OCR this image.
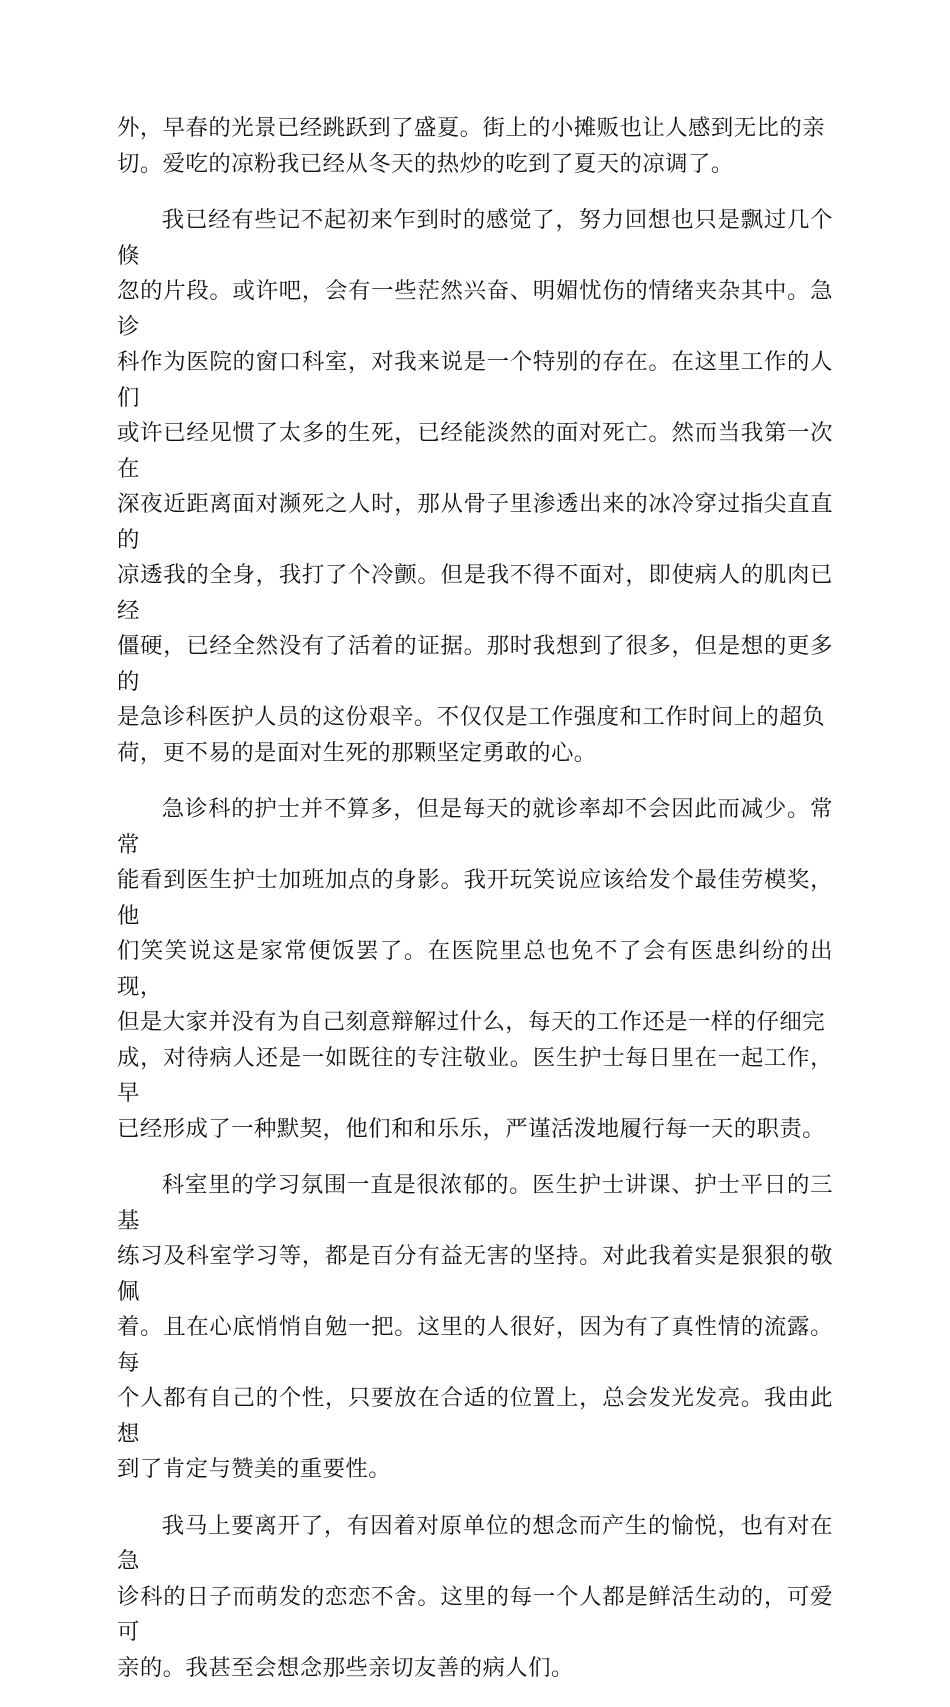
外，早春的光景已经跳跃到了盛夏。街上的小摊贩也让人感到无比的亲
切。爱吃的凉粉我已经从冬天的热炒的吃到了夏天的凉调了。

我已经有些记不起初来乍到时的感觉了，努力回想也只是飘过几个倏
忽的片段。或许吧，会有一些茫然兴奋、明媚忧伤的情绪夹杂其中。急诊
科作为医院的窗口科室，对我来说是一个特别的存在。在这里工作的人们
或许已经见惯了太多的生死，已经能淡然的面对死亡。然而当我第一次在
深夜近距离面对濒死之人时，那从骨子里渗透出来的冰冷穿过指尖直直的
凉透我的全身，我打了个冷颤。但是我不得不面对，即使病人的肌肉已经
僵硬，已经全然没有了活着的证据。那时我想到了很多，但是想的更多的
是急诊科医护人员的这份艰辛。不仅仅是工作强度和工作时间上的超负
荷，更不易的是面对生死的那颗坚定勇敢的心。

急诊科的护士并不算多，但是每天的就诊率却不会因此而减少。常常
能看到医生护士加班加点的身影。我开玩笑说应该给发个最佳劳模奖，他
们笑笑说这是家常便饭罢了。在医院里总也免不了会有医患纠纷的出现，
但是大家并没有为自己刻意辩解过什么，每天的工作还是一样的仔细完
成，对待病人还是一如既往的专注敬业。医生护士每日里在一起工作，早
已经形成了一种默契，他们和和乐乐，严谨活泼地履行每一天的职责。

科室里的学习氛围一直是很浓郁的。医生护士讲课、护士平日的三基
练习及科室学习等，都是百分有益无害的坚持。对此我着实是狠狠的敬佩
着。且在心底悄悄自勉一把。这里的人很好，因为有了真性情的流露。每
个人都有自己的个性，只要放在合适的位置上，总会发光发亮。我由此想
到了肯定与赞美的重要性。

我马上要离开了，有因着对原单位的想念而产生的愉悦，也有对在急
诊科的日子而萌发的恋恋不舍。这里的每一个人都是鲜活生动的，可爱可
亲的。我甚至会想念那些亲切友善的病人们。
